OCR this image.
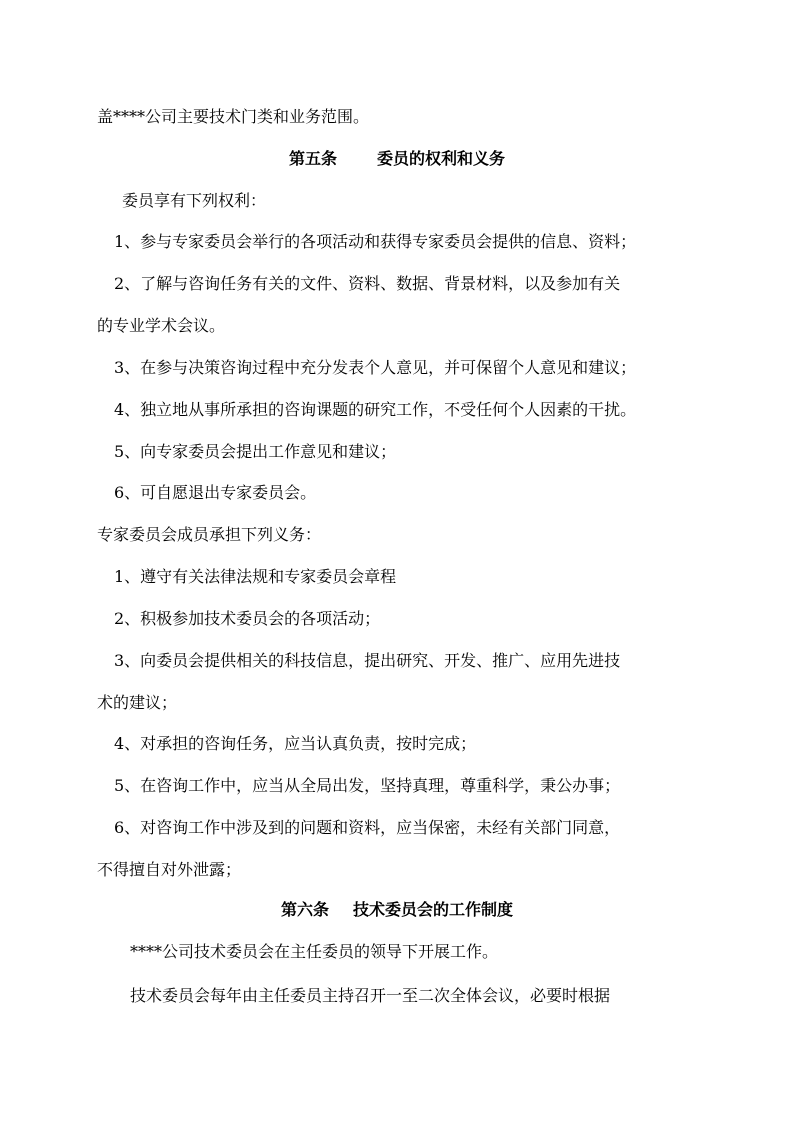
盖****公司主要技术门类和业务范围。
第五条	委员的权利和义务
委员享有下列权利：
1、参与专家委员会举行的各项活动和获得专家委员会提供的信息、资料；
2、了解与咨询任务有关的文件、资料、数据、背景材料，以及参加有关
的专业学术会议。
3、在参与决策咨询过程中充分发表个人意见，并可保留个人意见和建议；
4、独立地从事所承担的咨询课题的研究工作，不受任何个人因素的干扰。
5、向专家委员会提出工作意见和建议；
6、可自愿退出专家委员会。
专家委员会成员承担下列义务：
1、遵守有关法律法规和专家委员会章程
2、积极参加技术委员会的各项活动；
3、向委员会提供相关的科技信息，提出研究、开发、推广、应用先进技
术的建议；
4、对承担的咨询任务，应当认真负责，按时完成；
5、在咨询工作中，应当从全局出发，坚持真理，尊重科学，秉公办事；
6、对咨询工作中涉及到的问题和资料，应当保密，未经有关部门同意，
不得擅自对外泄露；
第六条 技术委员会的工作制度
****公司技术委员会在主任委员的领导下开展工作。
技术委员会每年由主任委员主持召开一至二次全体会议，必要时根据
